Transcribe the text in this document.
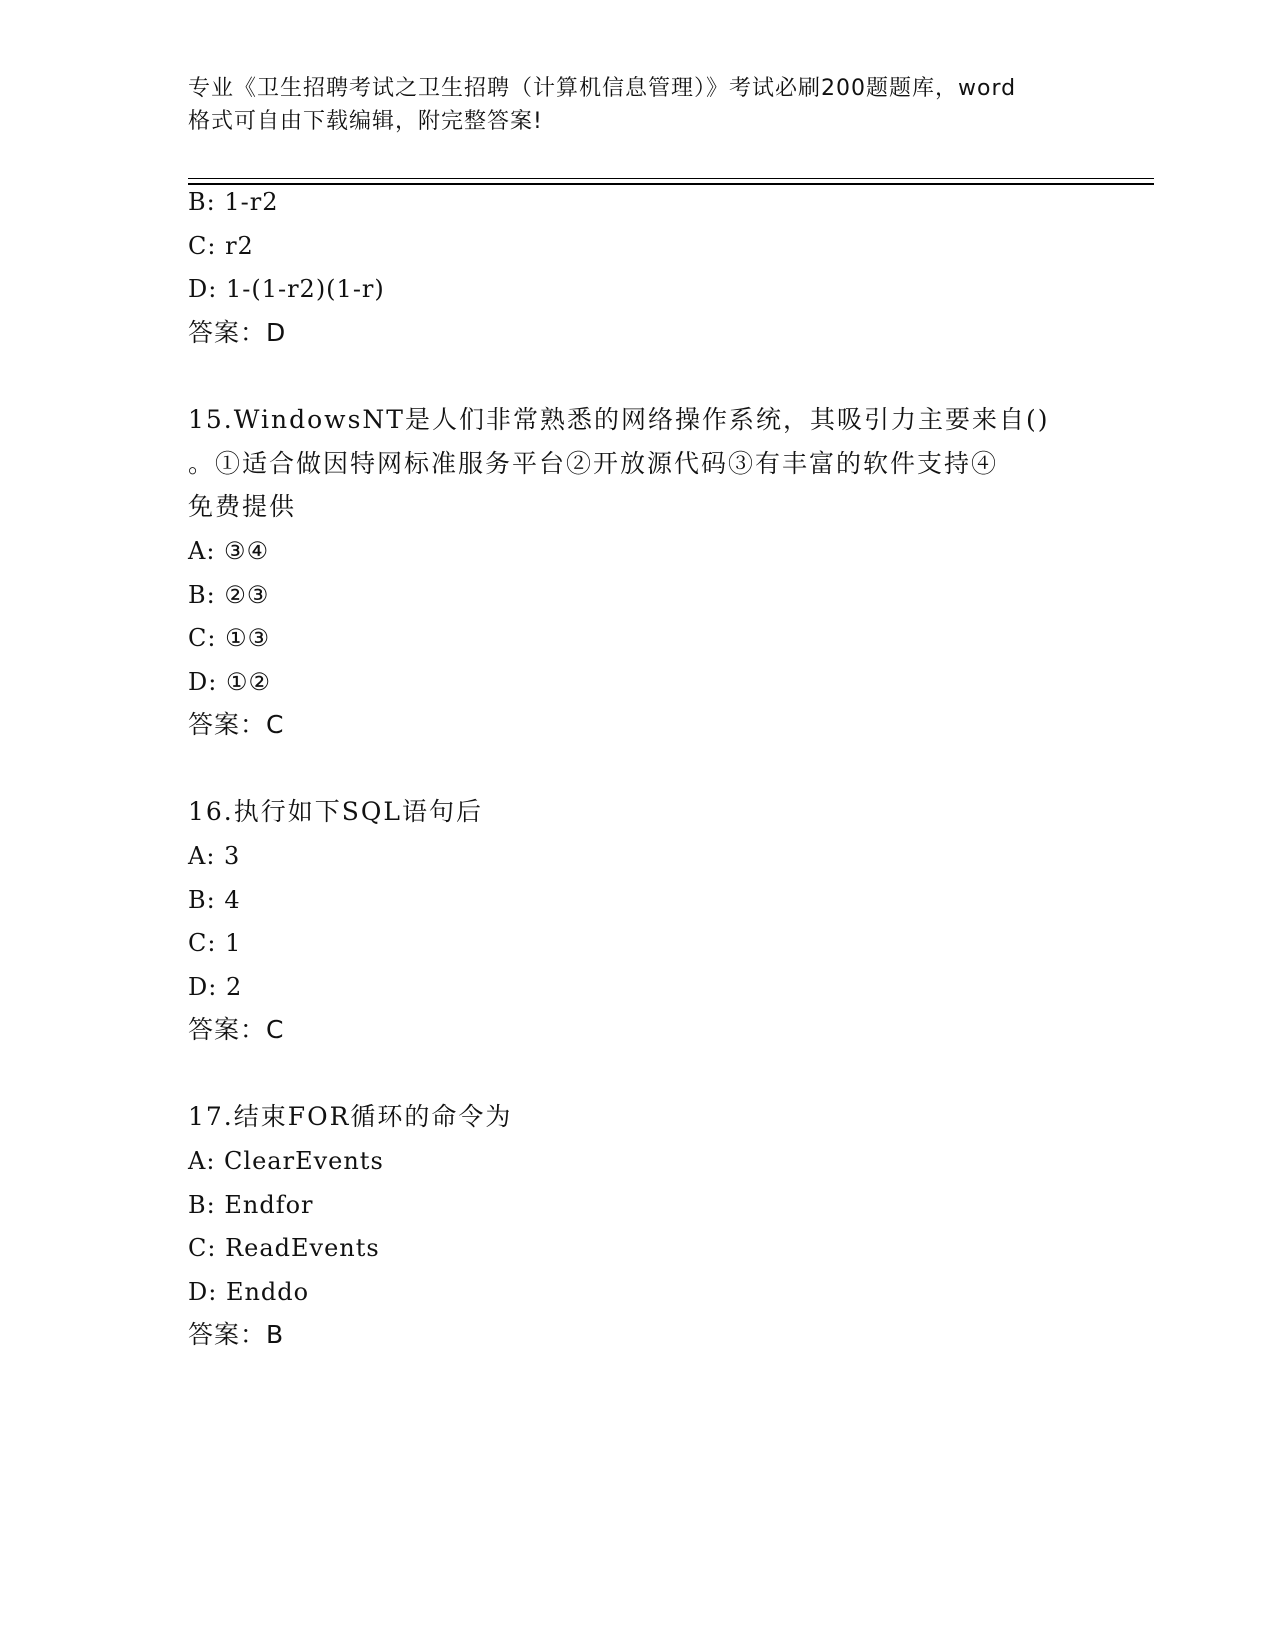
专业《卫生招聘考试之卫生招聘（计算机信息管理）》考试必刷200题题库，word
格式可自由下载编辑，附完整答案!
B: 1-r2
C: r2
D: 1-(1-r2)(1-r)
答案：D
15.WindowsNT是人们非常熟悉的网络操作系统，其吸引力主要来自()
。①适合做因特网标准服务平台②开放源代码③有丰富的软件支持④
免费提供
A: ③④
B: ②③
C: ①③
D: ①②
答案：C
16.执行如下SQL语句后
A: 3
B: 4
C: 1
D: 2
答案：C
17.结束FOR循环的命令为
A: ClearEvents
B: Endfor
C: ReadEvents
D: Enddo
答案：B
